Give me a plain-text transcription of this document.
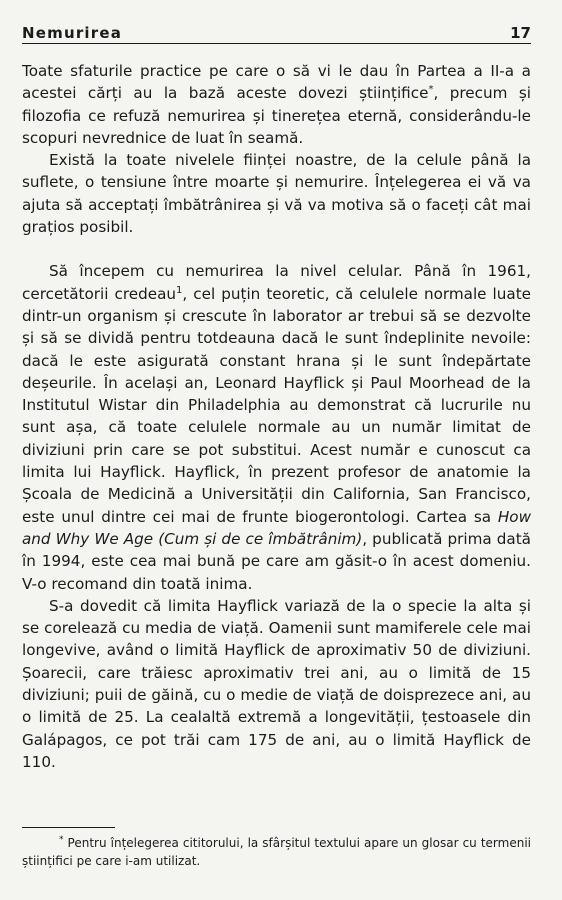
Nemurirea	17

Toate sfaturile practice pe care o să vi le dau în Partea a II-a a acestei cărți au la bază aceste dovezi științifice*, precum și filozofia ce refuză nemurirea și tinerețea eternă, considerându-le scopuri nevrednice de luat în seamă.

Există la toate nivelele ființei noastre, de la celule până la suflete, o tensiune între moarte și nemurire. Înțelegerea ei vă va ajuta să acceptați îmbătrânirea și vă va motiva să o faceți cât mai grațios posibil.

Să începem cu nemurirea la nivel celular. Până în 1961, cercetătorii credeau$^1$, cel puțin teoretic, că celulele normale luate dintr-un organism și crescute în laborator ar trebui să se dezvolte și să se dividă pentru totdeauna dacă le sunt îndeplinite nevoile: dacă le este asigurată constant hrana și le sunt îndepărtate deșeurile. În același an, Leonard Hayflick și Paul Moorhead de la Institutul Wistar din Philadelphia au demonstrat că lucrurile nu sunt așa, că toate celulele normale au un număr limitat de diviziuni prin care se pot substitui. Acest număr e cunoscut ca limita lui Hayflick. Hayflick, în prezent profesor de anatomie la Școala de Medicină a Universității din California, San Francisco, este unul dintre cei mai de frunte biogerontologi. Cartea sa How and Why We Age (Cum și de ce îmbătrânim), publicată prima dată în 1994, este cea mai bună pe care am găsit-o în acest domeniu. V-o recomand din toată inima.

S-a dovedit că limita Hayflick variază de la o specie la alta și se corelează cu media de viață. Oamenii sunt mamiferele cele mai longevive, având o limită Hayflick de aproximativ 50 de diviziuni. Șoarecii, care trăiesc aproximativ trei ani, au o limită de 15 diviziuni; puii de găină, cu o medie de viață de doisprezece ani, au o limită de 25. La cealaltă extremă a longevității, țestoasele din Galápagos, ce pot trăi cam 175 de ani, au o limită Hayflick de 110.

* Pentru înțelegerea cititorului, la sfârșitul textului apare un glosar cu termenii științifici pe care i-am utilizat.
